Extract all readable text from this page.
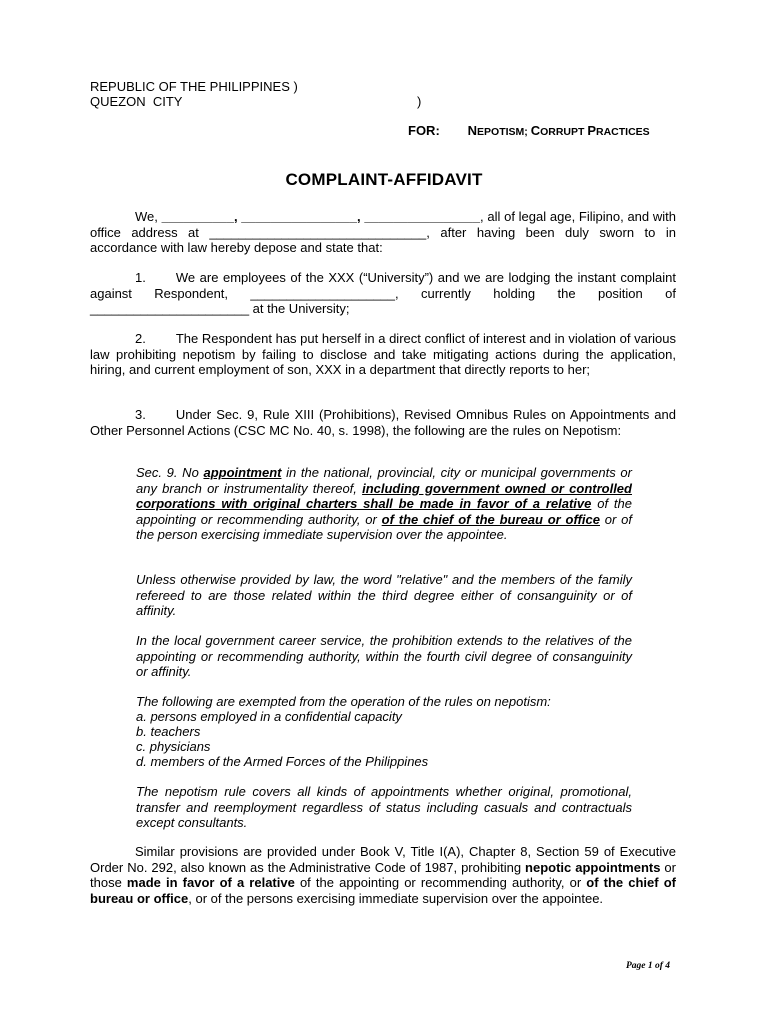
REPUBLIC OF THE PHILIPPINES )
QUEZON  CITY	)
FOR: NEPOTISM; CORRUPT PRACTICES
COMPLAINT-AFFIDAVIT
We, __________, ________________, ________________, all of legal age, Filipino, and with office address at ______________________________, after having been duly sworn to in accordance with law hereby depose and state that:
1. We are employees of the XXX (“University”) and we are lodging the instant complaint against Respondent, ____________________, currently holding the position of ______________________ at the University;
2. The Respondent has put herself in a direct conflict of interest and in violation of various law prohibiting nepotism by failing to disclose and take mitigating actions during the application, hiring, and current employment of son, XXX in a department that directly reports to her;
3. Under Sec. 9, Rule XIII (Prohibitions), Revised Omnibus Rules on Appointments and Other Personnel Actions (CSC MC No. 40, s. 1998), the following are the rules on Nepotism:
Sec. 9. No appointment in the national, provincial, city or municipal governments or any branch or instrumentality thereof, including government owned or controlled corporations with original charters shall be made in favor of a relative of the appointing or recommending authority, or of the chief of the bureau or office or of the person exercising immediate supervision over the appointee.
Unless otherwise provided by law, the word "relative" and the members of the family refereed to are those related within the third degree either of consanguinity or of affinity.
In the local government career service, the prohibition extends to the relatives of the appointing or recommending authority, within the fourth civil degree of consanguinity or affinity.
The following are exempted from the operation of the rules on nepotism:
a. persons employed in a confidential capacity
b. teachers
c. physicians
d. members of the Armed Forces of the Philippines
The nepotism rule covers all kinds of appointments whether original, promotional, transfer and reemployment regardless of status including casuals and contractuals except consultants.
Similar provisions are provided under Book V, Title I(A), Chapter 8, Section 59 of Executive Order No. 292, also known as the Administrative Code of 1987, prohibiting nepotic appointments or those made in favor of a relative of the appointing or recommending authority, or of the chief of bureau or office, or of the persons exercising immediate supervision over the appointee.
Page 1 of 4
